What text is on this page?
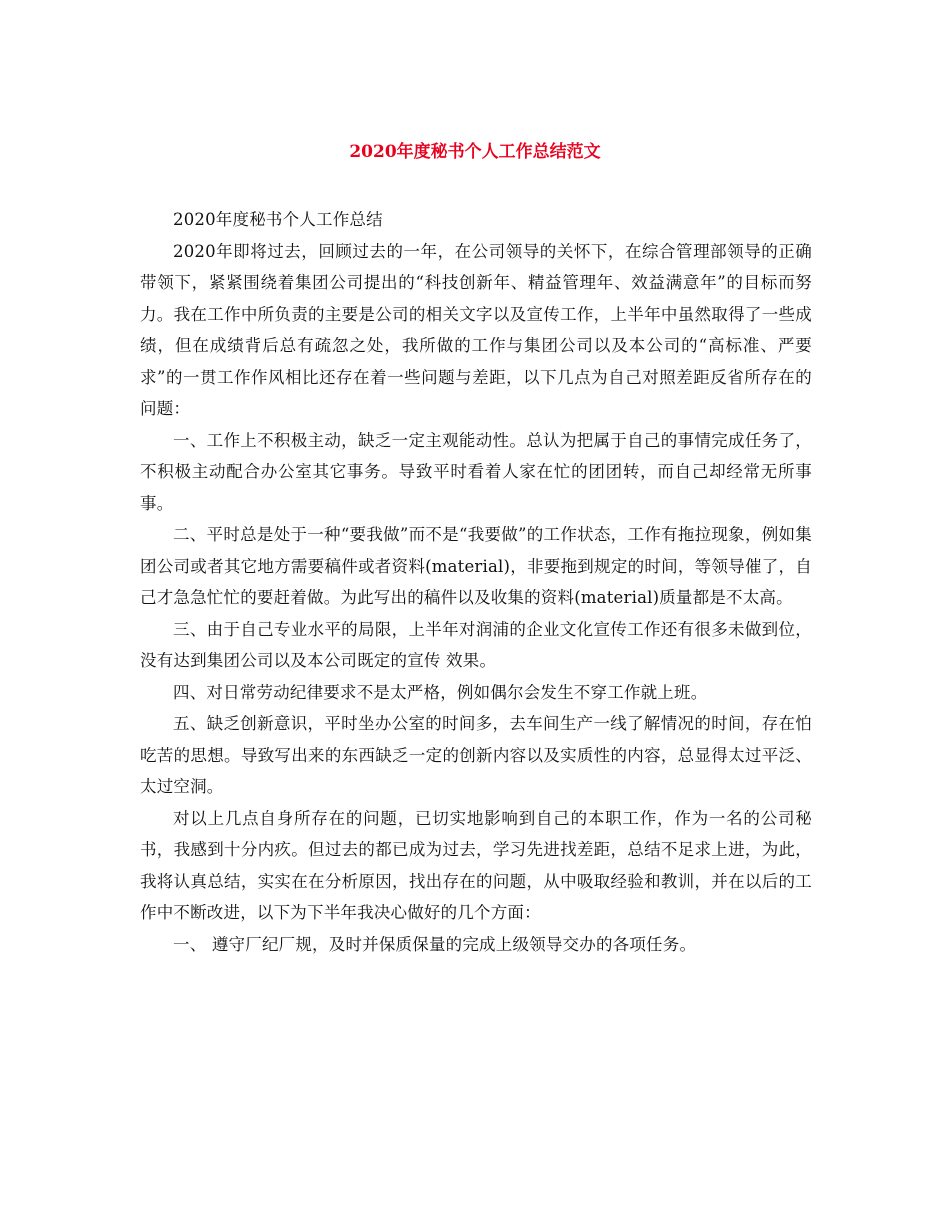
2020年度秘书个人工作总结范文

2020年度秘书个人工作总结

2020年即将过去，回顾过去的一年，在公司领导的关怀下，在综合管理部领导的正确带领下，紧紧围绕着集团公司提出的“科技创新年、精益管理年、效益满意年”的目标而努力。我在工作中所负责的主要是公司的相关文字以及宣传工作，上半年中虽然取得了一些成绩，但在成绩背后总有疏忽之处，我所做的工作与集团公司以及本公司的“高标准、严要求”的一贯工作作风相比还存在着一些问题与差距，以下几点为自己对照差距反省所存在的问题：

一、工作上不积极主动，缺乏一定主观能动性。总认为把属于自己的事情完成任务了，不积极主动配合办公室其它事务。导致平时看着人家在忙的团团转，而自己却经常无所事事。

二、平时总是处于一种“要我做”而不是“我要做”的工作状态，工作有拖拉现象，例如集团公司或者其它地方需要稿件或者资料(material)，非要拖到规定的时间，等领导催了，自己才急急忙忙的要赶着做。为此写出的稿件以及收集的资料(material)质量都是不太高。

三、由于自己专业水平的局限，上半年对润浦的企业文化宣传工作还有很多未做到位，没有达到集团公司以及本公司既定的宣传 效果。

四、对日常劳动纪律要求不是太严格，例如偶尔会发生不穿工作就上班。

五、缺乏创新意识，平时坐办公室的时间多，去车间生产一线了解情况的时间，存在怕吃苦的思想。导致写出来的东西缺乏一定的创新内容以及实质性的内容，总显得太过平泛、太过空洞。

对以上几点自身所存在的问题，已切实地影响到自己的本职工作，作为一名的公司秘书，我感到十分内疚。但过去的都已成为过去，学习先进找差距，总结不足求上进，为此，我将认真总结，实实在在分析原因，找出存在的问题，从中吸取经验和教训，并在以后的工作中不断改进，以下为下半年我决心做好的几个方面：

一、 遵守厂纪厂规，及时并保质保量的完成上级领导交办的各项任务。
